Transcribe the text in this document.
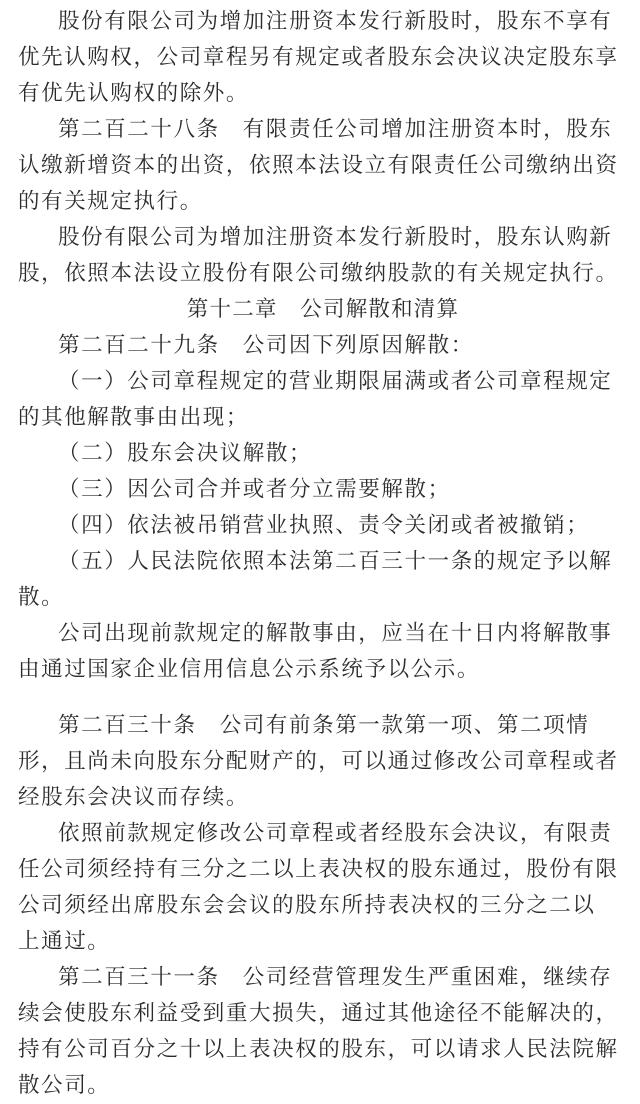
股份有限公司为增加注册资本发行新股时，股东不享有
优先认购权，公司章程另有规定或者股东会决议决定股东享
有优先认购权的除外。
第二百二十八条　有限责任公司增加注册资本时，股东
认缴新增资本的出资，依照本法设立有限责任公司缴纳出资
的有关规定执行。
股份有限公司为增加注册资本发行新股时，股东认购新
股，依照本法设立股份有限公司缴纳股款的有关规定执行。
第十二章　公司解散和清算
第二百二十九条　公司因下列原因解散：
（一）公司章程规定的营业期限届满或者公司章程规定
的其他解散事由出现；
（二）股东会决议解散；
（三）因公司合并或者分立需要解散；
（四）依法被吊销营业执照、责令关闭或者被撤销；
（五）人民法院依照本法第二百三十一条的规定予以解
散。
公司出现前款规定的解散事由，应当在十日内将解散事
由通过国家企业信用信息公示系统予以公示。
第二百三十条　公司有前条第一款第一项、第二项情
形，且尚未向股东分配财产的，可以通过修改公司章程或者
经股东会决议而存续。
依照前款规定修改公司章程或者经股东会决议，有限责
任公司须经持有三分之二以上表决权的股东通过，股份有限
公司须经出席股东会会议的股东所持表决权的三分之二以
上通过。
第二百三十一条　公司经营管理发生严重困难，继续存
续会使股东利益受到重大损失，通过其他途径不能解决的，
持有公司百分之十以上表决权的股东，可以请求人民法院解
散公司。
